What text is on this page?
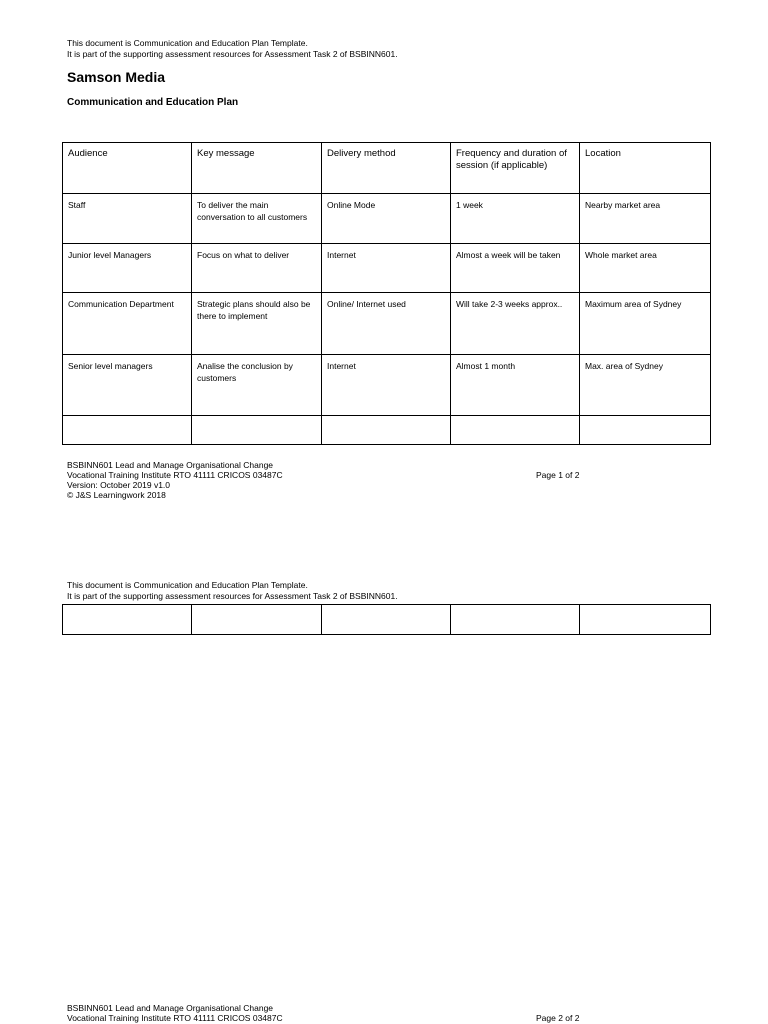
This document is Communication and Education Plan Template.
It is part of the supporting assessment resources for Assessment Task 2 of BSBINN601.
Samson Media
Communication and Education Plan
Audience	Key message	Delivery method	Frequency and duration of session (if applicable)	Location
Staff	To deliver the main conversation to all customers	Online Mode	1 week	Nearby market area
Junior level Managers	Focus on what to deliver	Internet	Almost a week will be taken	Whole market area
Communication Department	Strategic plans should also be there to implement	Online/ Internet used	Will take 2-3 weeks approx..	Maximum area of Sydney
Senior level managers	Analise the conclusion by customers	Internet	Almost 1 month	Max. area of Sydney

BSBINN601 Lead and Manage Organisational Change
Vocational Training Institute RTO 41111 CRICOS 03487C
Version: October 2019 v1.0
© J&S Learningwork 2018
Page 1 of 2
This document is Communication and Education Plan Template.
It is part of the supporting assessment resources for Assessment Task 2 of BSBINN601.

BSBINN601 Lead and Manage Organisational Change
Vocational Training Institute RTO 41111 CRICOS 03487C	Page 2 of 2
